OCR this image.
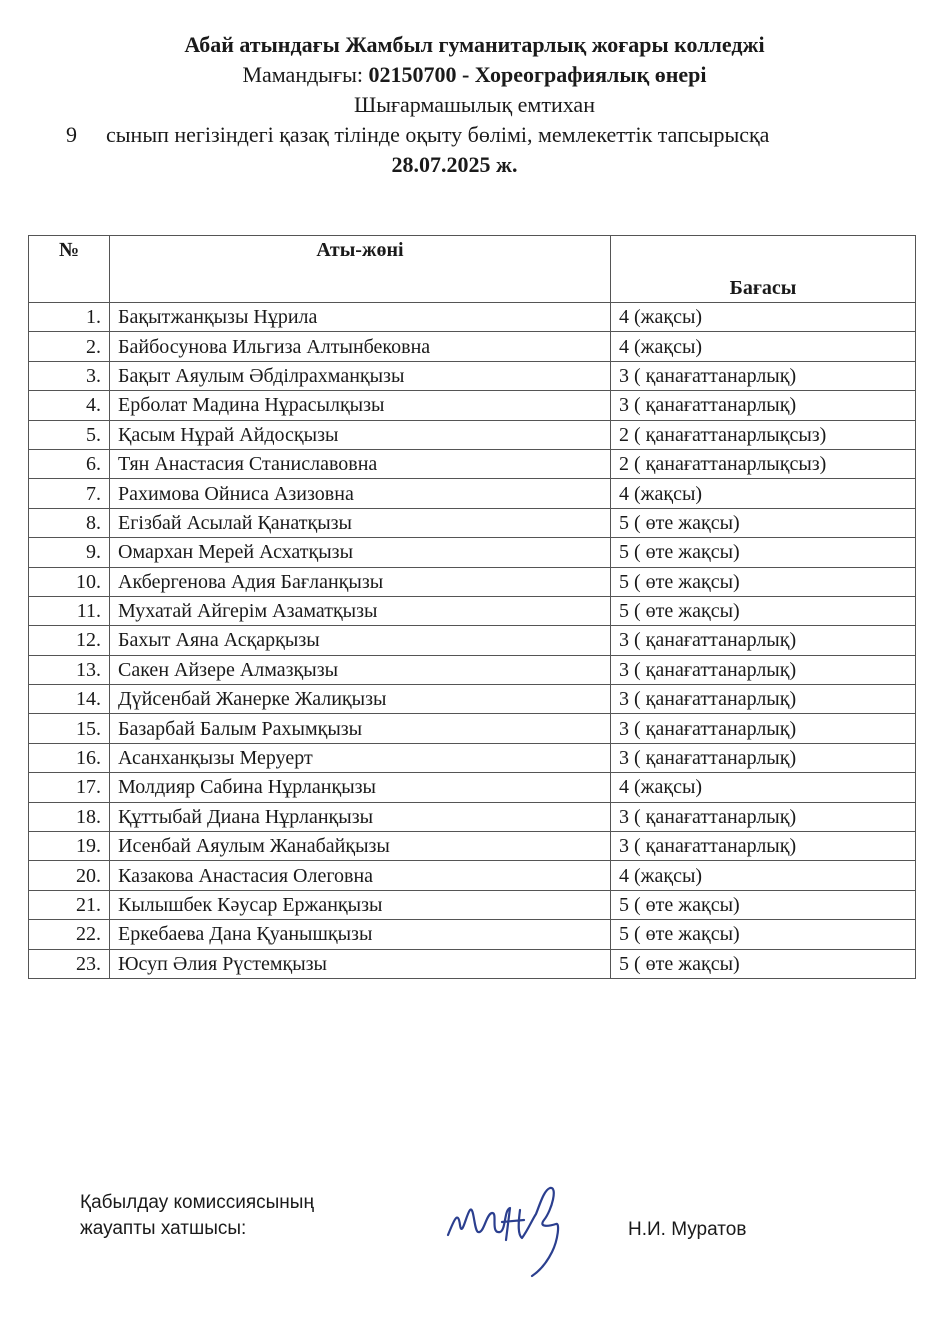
Абай атындағы Жамбыл гуманитарлық жоғары колледжі
Мамандығы: 02150700 - Хореографиялық өнері
Шығармашылық емтихан
9 сынып негізіндегі қазақ тілінде оқыту бөлімі, мемлекеттік тапсырысқа
28.07.2025 ж.
№	Аты-жөні	Бағасы
1.	Бақытжанқызы Нұрила	4 (жақсы)
2.	Байбосунова Ильгиза Алтынбековна	4 (жақсы)
3.	Бақыт Аяулым Әбділрахманқызы	3 ( қанағаттанарлық)
4.	Ерболат Мадина Нұрасылқызы	3 ( қанағаттанарлық)
5.	Қасым Нұрай Айдосқызы	2 ( қанағаттанарлықсыз)
6.	Тян Анастасия Станиславовна	2 ( қанағаттанарлықсыз)
7.	Рахимова Ойниса Азизовна	4 (жақсы)
8.	Егізбай Асылай Қанатқызы	5 ( өте жақсы)
9.	Омархан Мерей Асхатқызы	5 ( өте жақсы)
10.	Акбергенова Адия Бағланқызы	5 ( өте жақсы)
11.	Мухатай Айгерім Азаматқызы	5 ( өте жақсы)
12.	Бахыт Аяна Асқарқызы	3 ( қанағаттанарлық)
13.	Сакен Айзере Алмазқызы	3 ( қанағаттанарлық)
14.	Дүйсенбай Жанерке Жалиқызы	3 ( қанағаттанарлық)
15.	Базарбай Балым Рахымқызы	3 ( қанағаттанарлық)
16.	Асанханқызы Меруерт	3 ( қанағаттанарлық)
17.	Молдияр Сабина Нұрланқызы	4 (жақсы)
18.	Құттыбай Диана Нұрланқызы	3 ( қанағаттанарлық)
19.	Исенбай Аяулым Жанабайқызы	3 ( қанағаттанарлық)
20.	Казакова Анастасия Олеговна	4 (жақсы)
21.	Кылышбек Кәусар Ержанқызы	5 ( өте жақсы)
22.	Еркебаева Дана Қуанышқызы	5 ( өте жақсы)
23.	Юсуп Әлия Рүстемқызы	5 ( өте жақсы)
Қабылдау комиссиясының
жауапты хатшысы:	Н.И. Муратов
